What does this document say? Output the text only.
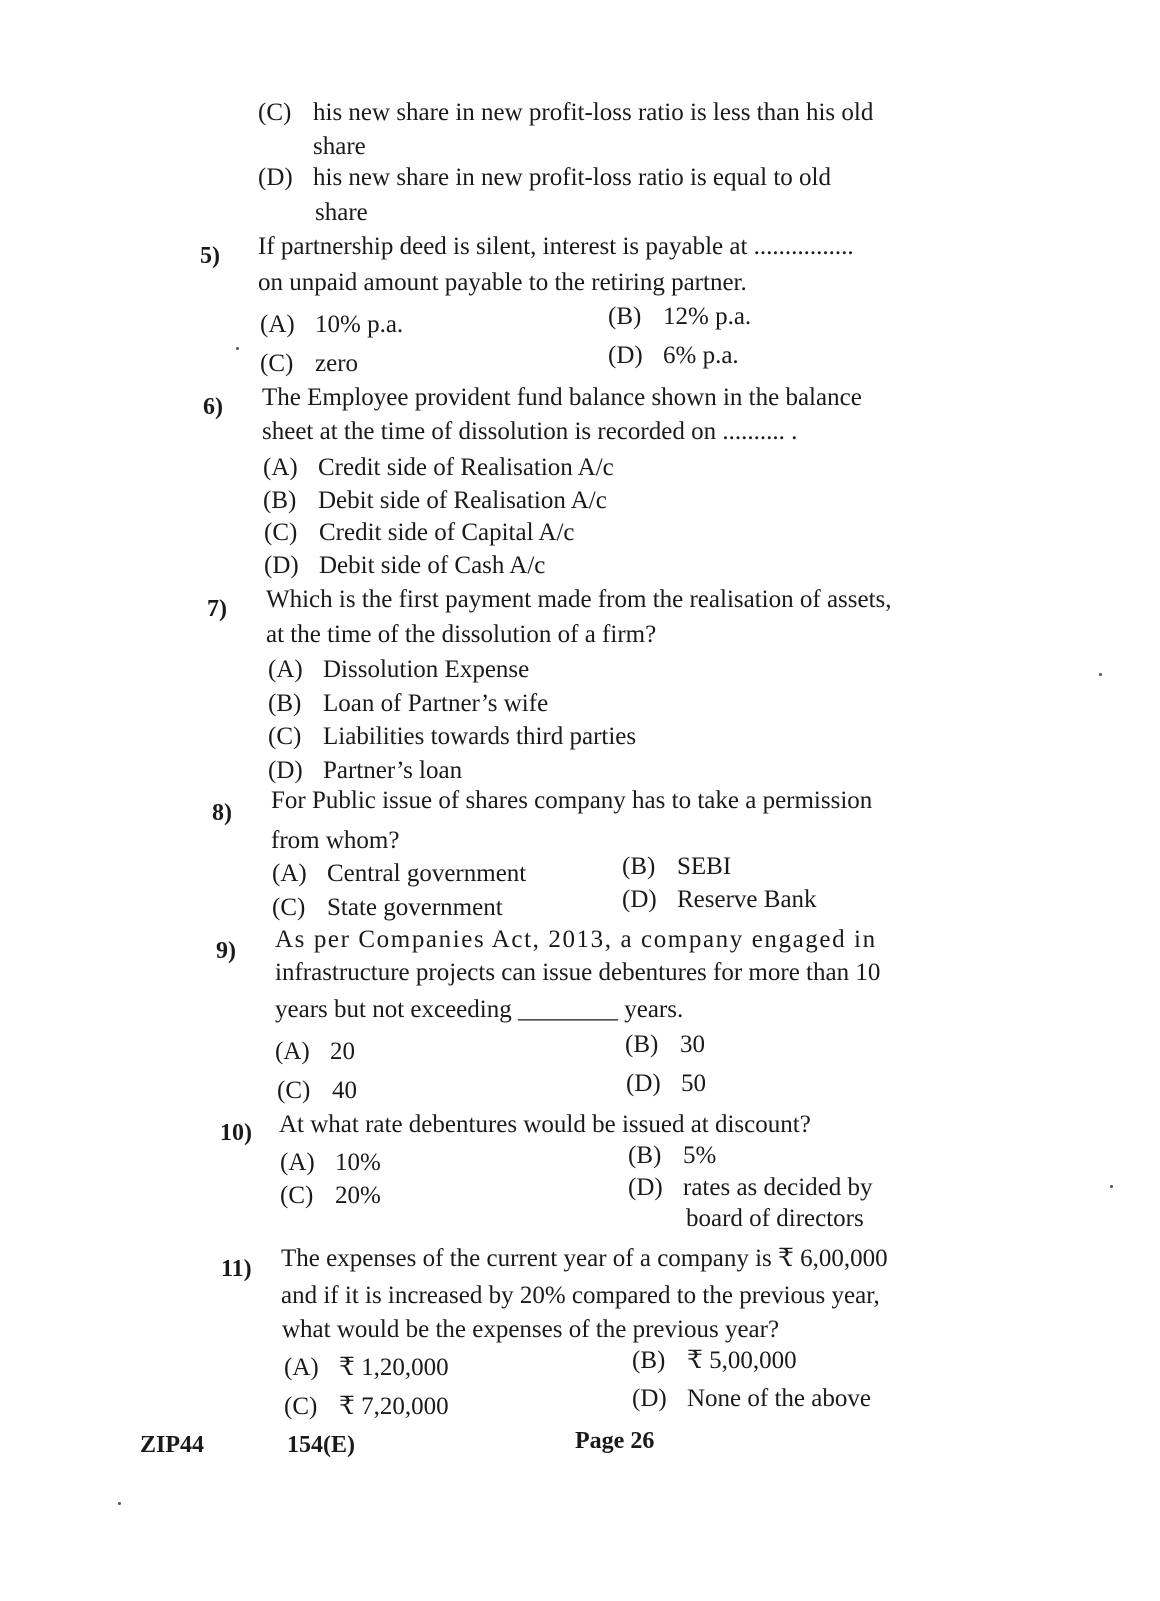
(C) his new share in new profit-loss ratio is less than his old
share
(D) his new share in new profit-loss ratio is equal to old
share
5) If partnership deed is silent, interest is payable at ................
on unpaid amount payable to the retiring partner.
(A) 10% p.a.	(B) 12% p.a.
(C) zero	(D) 6% p.a.
6) The Employee provident fund balance shown in the balance
sheet at the time of dissolution is recorded on .......... .
(A) Credit side of Realisation A/c
(B) Debit side of Realisation A/c
(C) Credit side of Capital A/c
(D) Debit side of Cash A/c
7) Which is the first payment made from the realisation of assets,
at the time of the dissolution of a firm?
(A) Dissolution Expense
(B) Loan of Partner’s wife
(C) Liabilities towards third parties
(D) Partner’s loan
8) For Public issue of shares company has to take a permission
from whom?
(A) Central government	(B) SEBI
(C) State government	(D) Reserve Bank
9) As per Companies Act, 2013, a company engaged in
infrastructure projects can issue debentures for more than 10
years but not exceeding ________ years.
(A) 20	(B) 30
(C) 40	(D) 50
10) At what rate debentures would be issued at discount?
(A) 10%	(B) 5%
(C) 20%	(D) rates as decided by
board of directors
11) The expenses of the current year of a company is ₹ 6,00,000
and if it is increased by 20% compared to the previous year,
what would be the expenses of the previous year?
(A) ₹ 1,20,000	(B) ₹ 5,00,000
(C) ₹ 7,20,000	(D) None of the above
ZIP44	154(E)	Page 26
